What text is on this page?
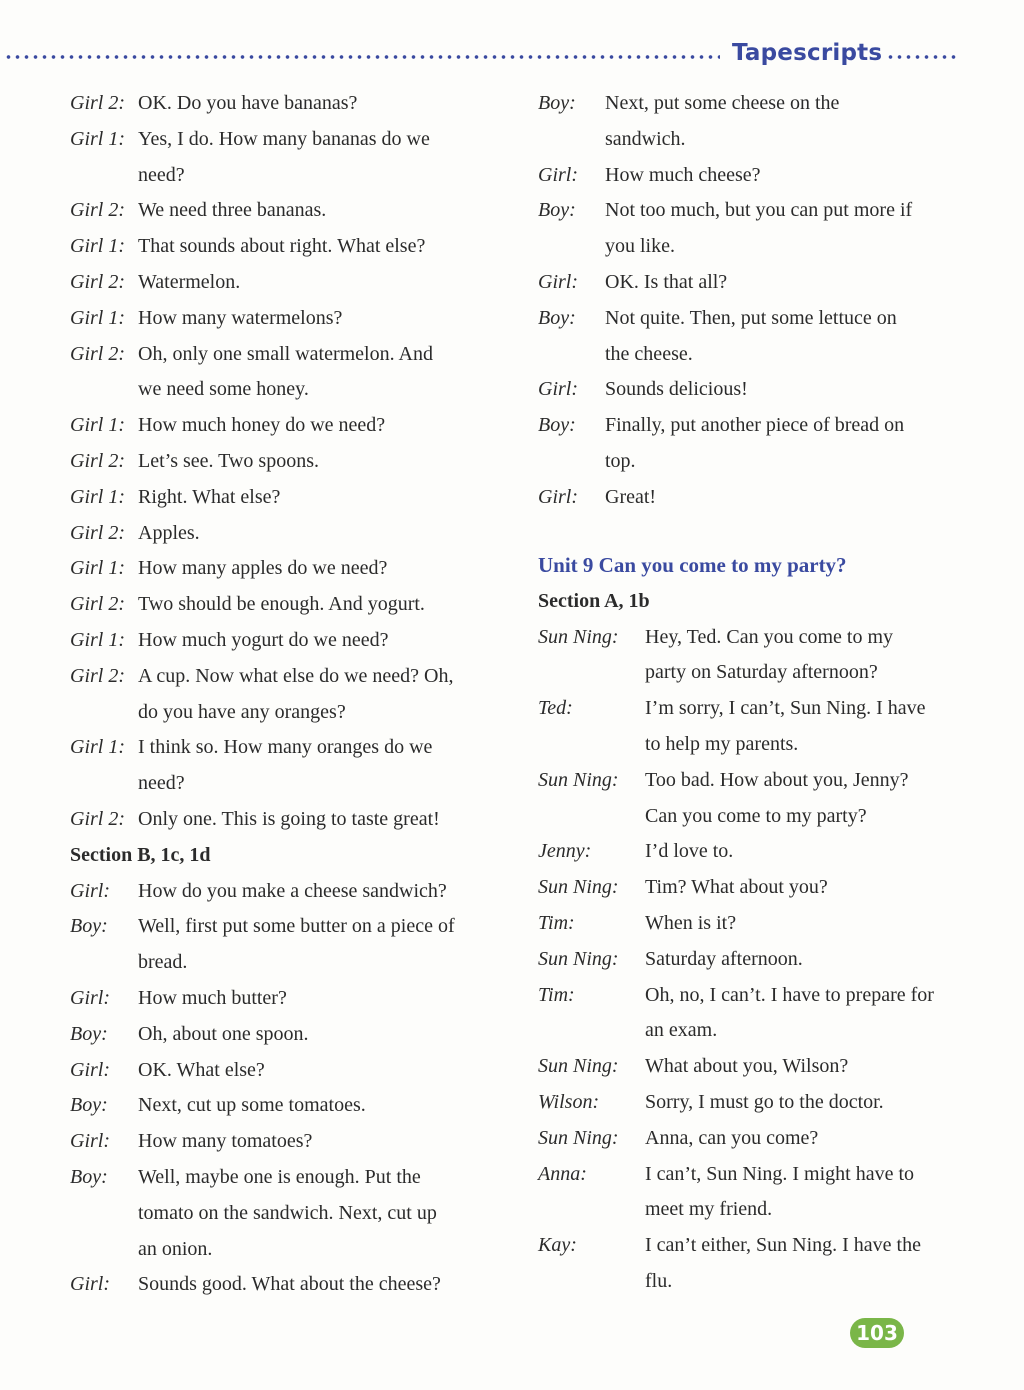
Tapescripts
Girl 2: OK. Do you have bananas?
Girl 1: Yes, I do. How many bananas do we
need?
Girl 2: We need three bananas.
Girl 1: That sounds about right. What else?
Girl 2: Watermelon.
Girl 1: How many watermelons?
Girl 2: Oh, only one small watermelon. And
we need some honey.
Girl 1: How much honey do we need?
Girl 2: Let’s see. Two spoons.
Girl 1: Right. What else?
Girl 2: Apples.
Girl 1: How many apples do we need?
Girl 2: Two should be enough. And yogurt.
Girl 1: How much yogurt do we need?
Girl 2: A cup. Now what else do we need? Oh,
do you have any oranges?
Girl 1: I think so. How many oranges do we
need?
Girl 2: Only one. This is going to taste great!
Section B, 1c, 1d
Girl: How do you make a cheese sandwich?
Boy: Well, first put some butter on a piece of
bread.
Girl: How much butter?
Boy: Oh, about one spoon.
Girl: OK. What else?
Boy: Next, cut up some tomatoes.
Girl: How many tomatoes?
Boy: Well, maybe one is enough. Put the
tomato on the sandwich. Next, cut up
an onion.
Girl: Sounds good. What about the cheese?
Boy: Next, put some cheese on the
sandwich.
Girl: How much cheese?
Boy: Not too much, but you can put more if
you like.
Girl: OK. Is that all?
Boy: Not quite. Then, put some lettuce on
the cheese.
Girl: Sounds delicious!
Boy: Finally, put another piece of bread on
top.
Girl: Great!
Unit 9 Can you come to my party?
Section A, 1b
Sun Ning: Hey, Ted. Can you come to my
party on Saturday afternoon?
Ted:	I’m sorry, I can’t, Sun Ning. I have
to help my parents.
Sun Ning: Too bad. How about you, Jenny?
Can you come to my party?
Jenny:	I’d love to.
Sun Ning: Tim? What about you?
Tim:	When is it?
Sun Ning: Saturday afternoon.
Tim:	Oh, no, I can’t. I have to prepare for
an exam.
Sun Ning: What about you, Wilson?
Wilson: Sorry, I must go to the doctor.
Sun Ning: Anna, can you come?
Anna:	I can’t, Sun Ning. I might have to
meet my friend.
Kay:	I can’t either, Sun Ning. I have the
flu.
103
